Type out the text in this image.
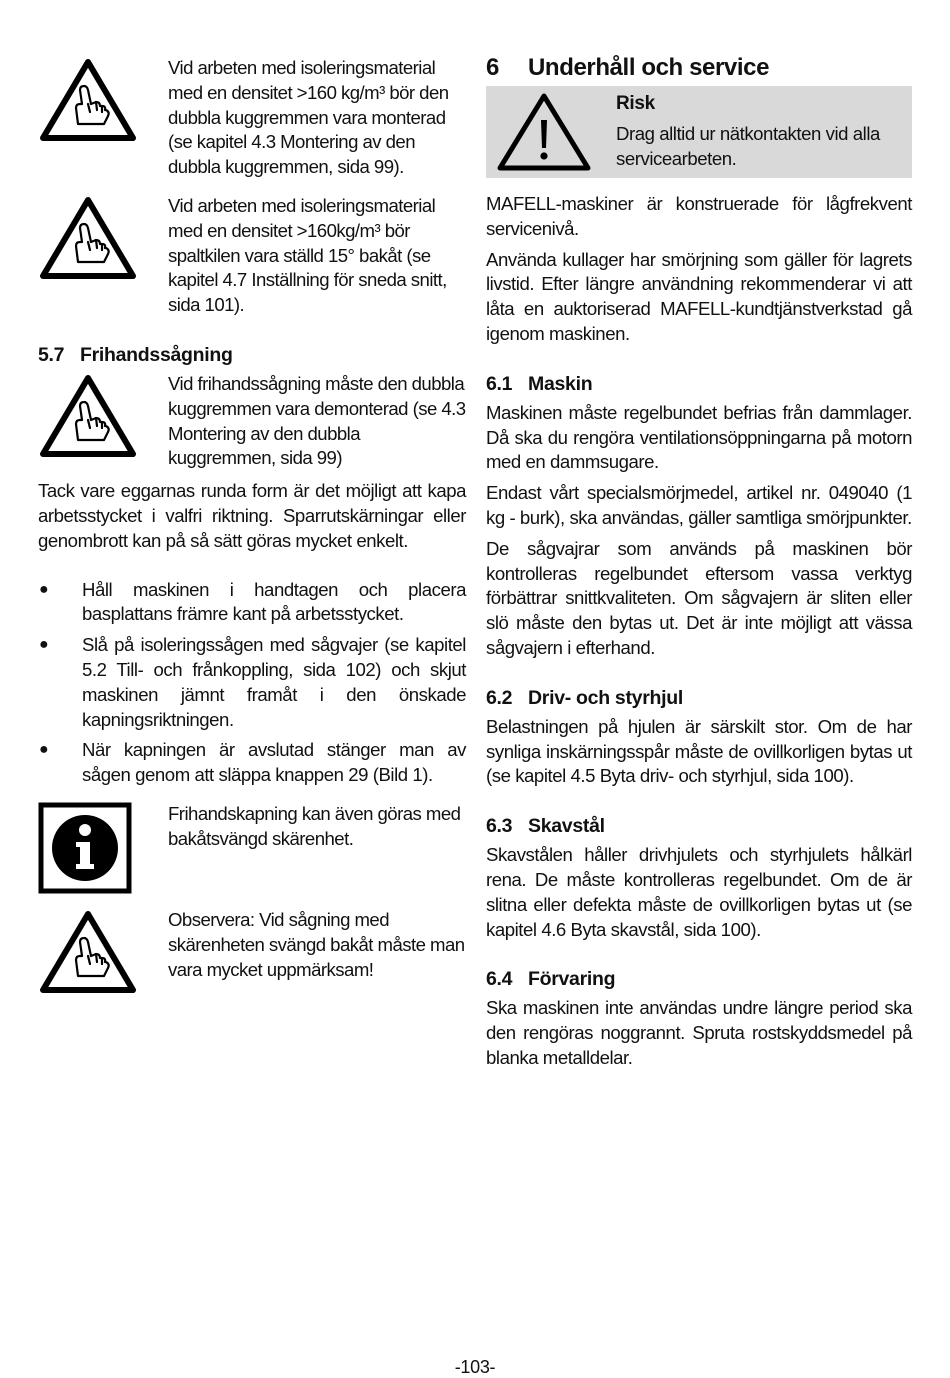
Vid arbeten med isoleringsmaterial med en densitet >160 kg/m³ bör den dubbla kuggremmen vara monterad (se kapitel 4.3 Montering av den dubbla kuggremmen, sida 99).

Vid arbeten med isoleringsmaterial med en densitet >160kg/m³ bör spaltkilen vara ställd 15° bakåt (se kapitel 4.7 Inställning för sneda snitt, sida 101).

5.7 Frihandssågning

Vid frihandssågning måste den dubbla kuggremmen vara demonterad (se 4.3 Montering av den dubbla kuggremmen, sida 99)

Tack vare eggarnas runda form är det möjligt att kapa arbetsstycket i valfri riktning. Sparrutskärningar eller genombrott kan på så sätt göras mycket enkelt.

●	Håll maskinen i handtagen och placera basplattans främre kant på arbetsstycket.

●	Slå på isoleringssågen med sågvajer (se kapitel 5.2 Till- och frånkoppling, sida 102) och skjut maskinen jämnt framåt i den önskade kapningsriktningen.

●	När kapningen är avslutad stänger man av sågen genom att släppa knappen 29 (Bild 1).

Frihandskapning kan även göras med bakåtsvängd skärenhet.

Observera: Vid sågning med skärenheten svängd bakåt måste man vara mycket uppmärksam!

6 Underhåll och service
Risk

Drag alltid ur nätkontakten vid alla servicearbeten.

MAFELL-maskiner är konstruerade för lågfrekvent servicenivå.

Använda kullager har smörjning som gäller för lagrets livstid. Efter längre användning rekommenderar vi att låta en auktoriserad MAFELL-kundtjänstverkstad gå igenom maskinen.

6.1 Maskin

Maskinen måste regelbundet befrias från dammlager. Då ska du rengöra ventilationsöppningarna på motorn med en dammsugare.

Endast vårt specialsmörjmedel, artikel nr. 049040 (1 kg - burk), ska användas, gäller samtliga smörjpunkter.

De sågvajrar som används på maskinen bör kontrolleras regelbundet eftersom vassa verktyg förbättrar snittkvaliteten. Om sågvajern är sliten eller slö måste den bytas ut. Det är inte möjligt att vässa sågvajern i efterhand.

6.2 Driv- och styrhjul

Belastningen på hjulen är särskilt stor. Om de har synliga inskärningsspår måste de ovillkorligen bytas ut (se kapitel 4.5 Byta driv- och styrhjul, sida 100).

6.3 Skavstål

Skavstålen håller drivhjulets och styrhjulets hålkärl rena. De måste kontrolleras regelbundet. Om de är slitna eller defekta måste de ovillkorligen bytas ut (se kapitel 4.6 Byta skavstål, sida 100).

6.4 Förvaring

Ska maskinen inte användas undre längre period ska den rengöras noggrannt. Spruta rostskyddsmedel på blanka metalldelar.

-103-
